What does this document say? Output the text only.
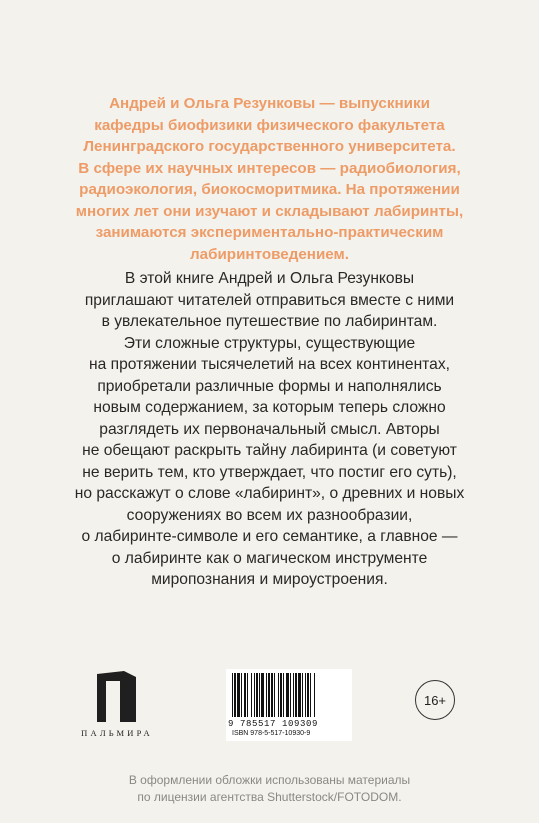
Андрей и Ольга Резунковы — выпускники
кафедры биофизики физического факультета
Ленинградского государственного университета.
В сфере их научных интересов — радиобиология,
радиоэкология, биокосморитмика. На протяжении
многих лет они изучают и складывают лабиринты,
занимаются экспериментально-практическим
лабиринтоведением.
В этой книге Андрей и Ольга Резунковы
приглашают читателей отправиться вместе с ними
в увлекательное путешествие по лабиринтам.
Эти сложные структуры, существующие
на протяжении тысячелетий на всех континентах,
приобретали различные формы и наполнялись
новым содержанием, за которым теперь сложно
разглядеть их первоначальный смысл. Авторы
не обещают раскрыть тайну лабиринта (и советуют
не верить тем, кто утверждает, что постиг его суть),
но расскажут о слове «лабиринт», о древних и новых
сооружениях во всем их разнообразии,
о лабиринте-символе и его семантике, а главное —
о лабиринте как о магическом инструменте
миропознания и мироустроения.
ПАЛЬМИРА
9 785517 109309
ISBN 978-5-517-10930-9
16+
В оформлении обложки использованы материалы
по лицензии агентства Shutterstock/FOTODOM.
